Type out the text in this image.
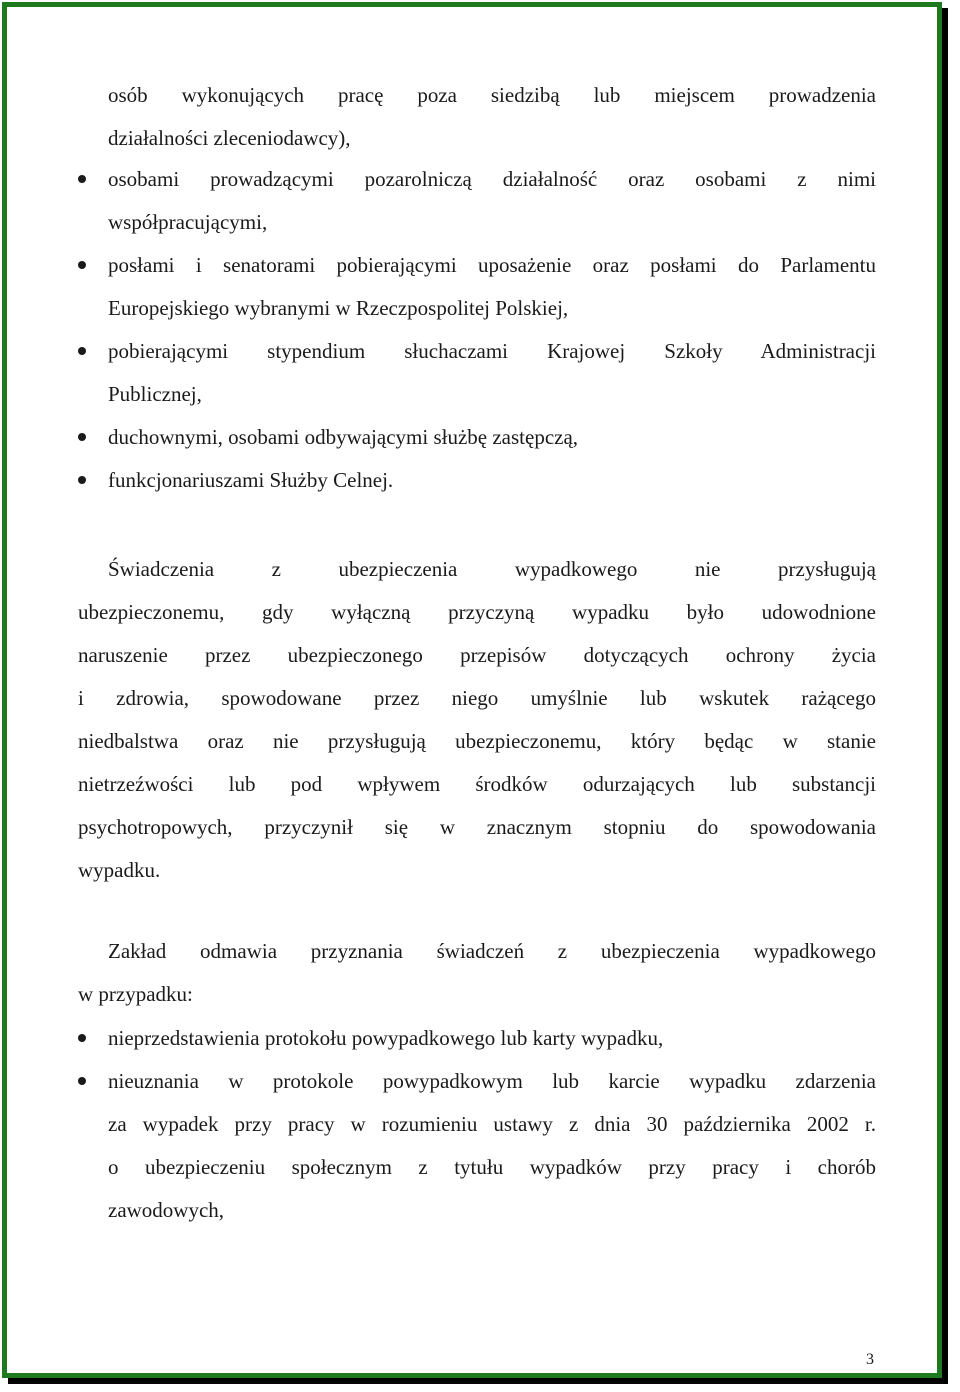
osób wykonujących pracę poza siedzibą lub miejscem prowadzenia
działalności zleceniodawcy),
osobami prowadzącymi pozarolniczą działalność oraz osobami z nimi
współpracującymi,
posłami i senatorami pobierającymi uposażenie oraz posłami do Parlamentu
Europejskiego wybranymi w Rzeczpospolitej Polskiej,
pobierającymi stypendium słuchaczami Krajowej Szkoły Administracji
Publicznej,
duchownymi, osobami odbywającymi służbę zastępczą,
funkcjonariuszami Służby Celnej.
Świadczenia z ubezpieczenia wypadkowego nie przysługują
ubezpieczonemu, gdy wyłączną przyczyną wypadku było udowodnione
naruszenie przez ubezpieczonego przepisów dotyczących ochrony życia
i zdrowia, spowodowane przez niego umyślnie lub wskutek rażącego
niedbalstwa oraz nie przysługują ubezpieczonemu, który będąc w stanie
nietrzeźwości lub pod wpływem środków odurzających lub substancji
psychotropowych, przyczynił się w znacznym stopniu do spowodowania
wypadku.
Zakład odmawia przyznania świadczeń z ubezpieczenia wypadkowego
w przypadku:
nieprzedstawienia protokołu powypadkowego lub karty wypadku,
nieuznania w protokole powypadkowym lub karcie wypadku zdarzenia
za wypadek przy pracy w rozumieniu ustawy z dnia 30 października 2002 r.
o ubezpieczeniu społecznym z tytułu wypadków przy pracy i chorób
zawodowych,
3
